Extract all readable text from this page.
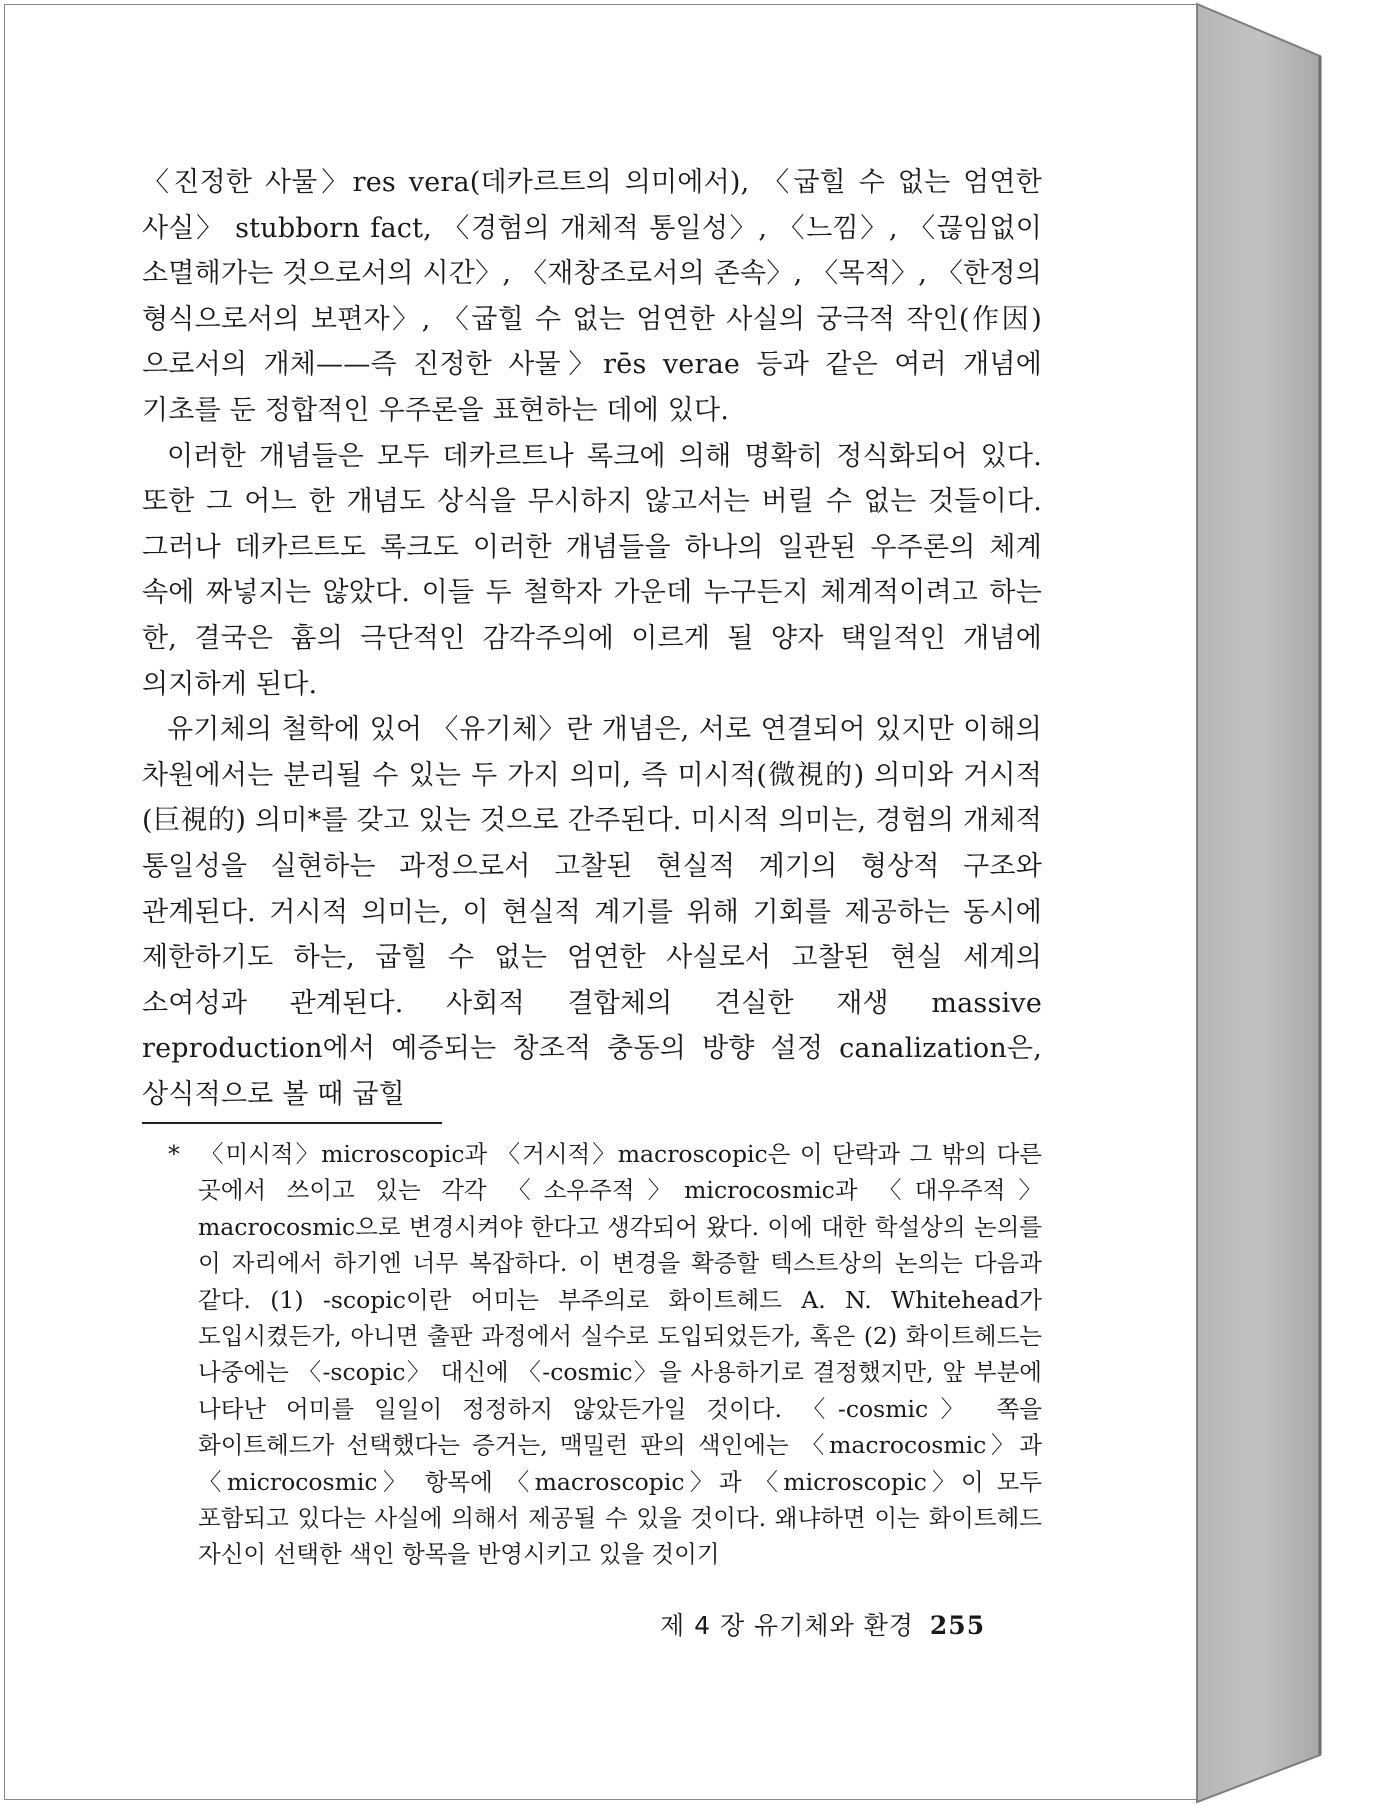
〈진정한 사물〉res vera(데카르트의 의미에서), 〈굽힐 수 없는 엄연한 사실〉 stubborn fact, 〈경험의 개체적 통일성〉, 〈느낌〉, 〈끊임없이 소멸해가는 것으로서의 시간〉, 〈재창조로서의 존속〉, 〈목적〉, 〈한정의 형식으로서의 보편자〉, 〈굽힐 수 없는 엄연한 사실의 궁극적 작인(作因)으로서의 개체——즉 진정한 사물〉rēs verae 등과 같은 여러 개념에 기초를 둔 정합적인 우주론을 표현하는 데에 있다.

이러한 개념들은 모두 데카르트나 록크에 의해 명확히 정식화되어 있다. 또한 그 어느 한 개념도 상식을 무시하지 않고서는 버릴 수 없는 것들이다. 그러나 데카르트도 록크도 이러한 개념들을 하나의 일관된 우주론의 체계 속에 짜넣지는 않았다. 이들 두 철학자 가운데 누구든지 체계적이려고 하는 한, 결국은 흄의 극단적인 감각주의에 이르게 될 양자 택일적인 개념에 의지하게 된다.

유기체의 철학에 있어 〈유기체〉란 개념은, 서로 연결되어 있지만 이해의 차원에서는 분리될 수 있는 두 가지 의미, 즉 미시적(微視的) 의미와 거시적(巨視的) 의미*를 갖고 있는 것으로 간주된다. 미시적 의미는, 경험의 개체적 통일성을 실현하는 과정으로서 고찰된 현실적 계기의 형상적 구조와 관계된다. 거시적 의미는, 이 현실적 계기를 위해 기회를 제공하는 동시에 제한하기도 하는, 굽힐 수 없는 엄연한 사실로서 고찰된 현실 세계의 소여성과 관계된다. 사회적 결합체의 견실한 재생 massive reproduction에서 예증되는 창조적 충동의 방향 설정 canalization은, 상식적으로 볼 때 굽힐

* 〈미시적〉microscopic과 〈거시적〉macroscopic은 이 단락과 그 밖의 다른 곳에서 쓰이고 있는 각각 〈소우주적〉microcosmic과 〈대우주적〉macrocosmic으로 변경시켜야 한다고 생각되어 왔다. 이에 대한 학설상의 논의를 이 자리에서 하기엔 너무 복잡하다. 이 변경을 확증할 텍스트상의 논의는 다음과 같다. (1) -scopic이란 어미는 부주의로 화이트헤드 A. N. Whitehead가 도입시켰든가, 아니면 출판 과정에서 실수로 도입되었든가, 혹은 (2) 화이트헤드는 나중에는 〈-scopic〉 대신에 〈-cosmic〉을 사용하기로 결정했지만, 앞 부분에 나타난 어미를 일일이 정정하지 않았든가일 것이다. 〈-cosmic〉 쪽을 화이트헤드가 선택했다는 증거는, 맥밀런 판의 색인에는 〈macrocosmic〉과 〈microcosmic〉 항목에 〈macroscopic〉과 〈microscopic〉이 모두 포함되고 있다는 사실에 의해서 제공될 수 있을 것이다. 왜냐하면 이는 화이트헤드 자신이 선택한 색인 항목을 반영시키고 있을 것이기

제 4 장 유기체와 환경 255
